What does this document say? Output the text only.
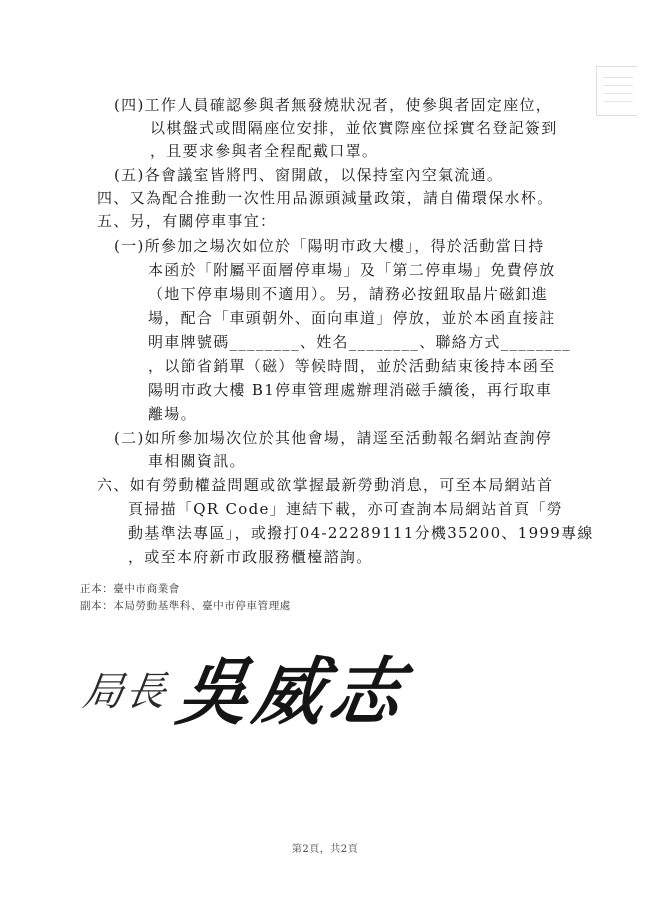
(四)工作人員確認參與者無發燒狀況者，使參與者固定座位，
以棋盤式或間隔座位安排，並依實際座位採實名登記簽到
，且要求參與者全程配戴口罩。
(五)各會議室皆將門、窗開啟，以保持室內空氣流通。
四、又為配合推動一次性用品源頭減量政策，請自備環保水杯。
五、另，有關停車事宜：
(一)所參加之場次如位於「陽明市政大樓」，得於活動當日持
本函於「附屬平面層停車場」及「第二停車場」免費停放
（地下停車場則不適用）。另，請務必按鈕取晶片磁釦進
場，配合「車頭朝外、面向車道」停放，並於本函直接註
明車牌號碼________、姓名________、聯絡方式________
，以節省銷單（磁）等候時間，並於活動結束後持本函至
陽明市政大樓 B1停車管理處辦理消磁手續後，再行取車
離場。
(二)如所參加場次位於其他會場，請逕至活動報名網站查詢停
車相關資訊。
六、如有勞動權益問題或欲掌握最新勞動消息，可至本局網站首
頁掃描「QR Code」連結下載，亦可查詢本局網站首頁「勞
動基準法專區」，或撥打04-22289111分機35200、1999專線
，或至本府新市政服務櫃檯諮詢。
正本：臺中市商業會
副本：本局勞動基準科、臺中市停車管理處
局長 吳威志
第2頁，共2頁
